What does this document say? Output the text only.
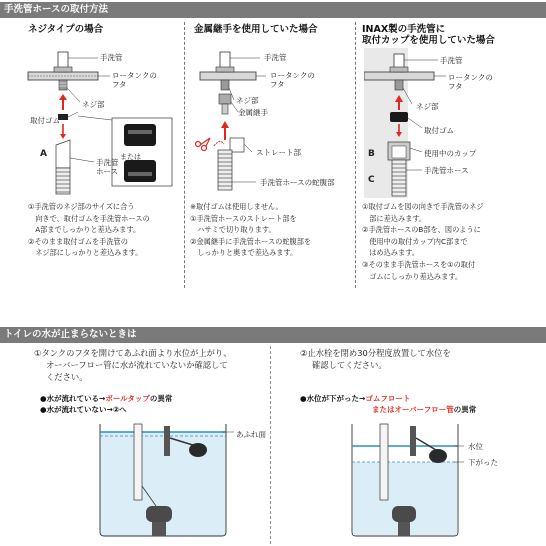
手洗管ホースの取付方法
ネジタイプの場合
手洗管
ロータンクの
フタ
ネジ部
取付ゴム
A
手洗管
ホース
または

①手洗管のネジ部のサイズに合う

　向きで、取付ゴムを手洗管ホースの

　A部までしっかりと差込みます。

②そのまま取付ゴムを手洗管の

　ネジ部にしっかりと差込みます。

金属継手を使用していた場合
手洗管
ロータンクの
フタ
ネジ部
金属継手
ストレート部
手洗管ホースの蛇腹部

※取付ゴムは使用しません。

①手洗管ホースのストレート部を

　ハサミで切り取ります。

②金属継手に手洗管ホースの蛇腹部を

　しっかりと奥まで差込みます。

INAX製の手洗管に
取付カップを使用していた場合
手洗管
ロータンクの
フタ
ネジ部
取付ゴム
使用中のカップ
手洗管ホース
B
C

①取付ゴムを図の向きで手洗管のネジ

　部に差込みます。

②手洗管ホースのB部を、図のように

　使用中の取付カップ内C部まで

　はめ込みます。

③そのまま手洗管ホースを①の取付

　ゴムにしっかり差込みます。

トイレの水が止まらないときは
①タンクのフタを開けてあふれ面より水位が上がり、
オーバーフロー管に水が流れていないか確認して
ください。
●水が流れている→ボールタップの異常
●水が流れていない→②へ
あふれ面
②止水栓を閉め30分程度放置して水位を
確認してください。
●水位が下がった→ゴムフロート
またはオーバーフロー管の異常
水位
下がった
